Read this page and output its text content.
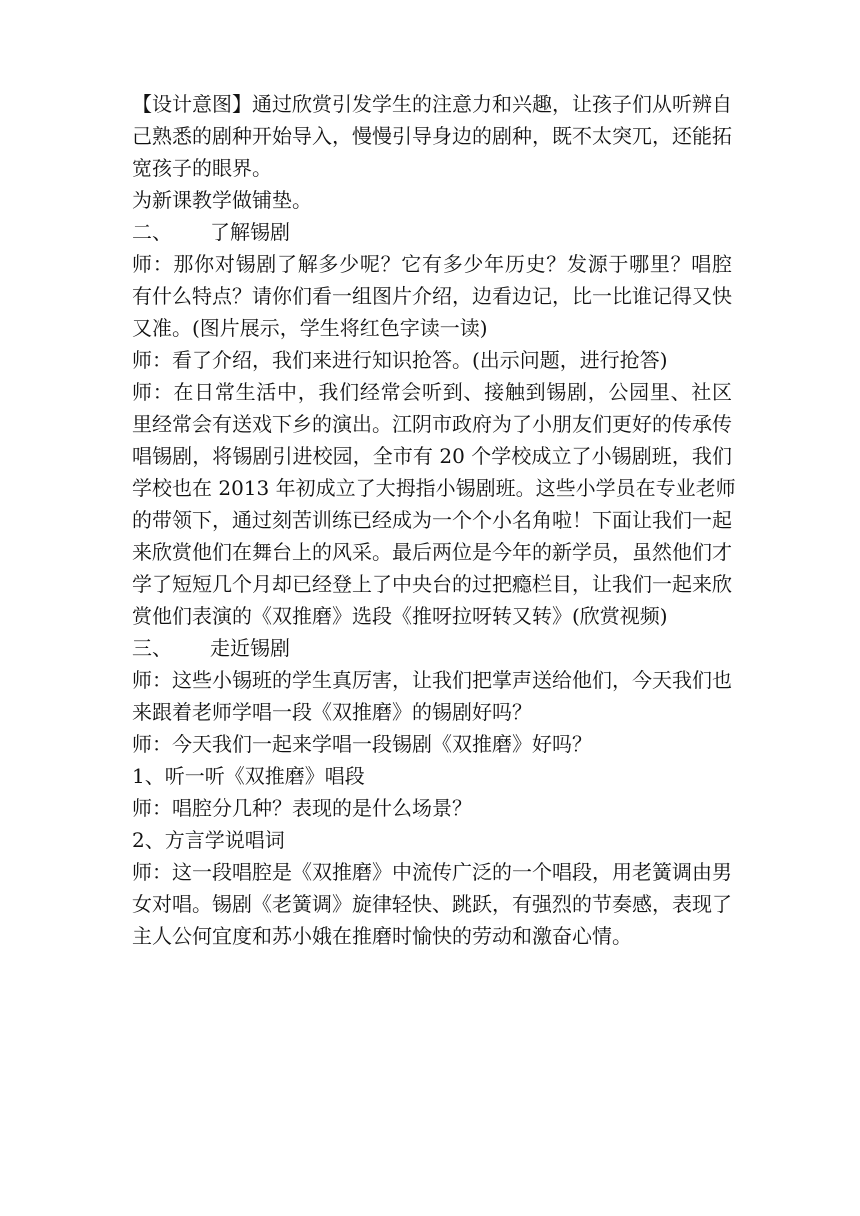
【设计意图】通过欣赏引发学生的注意力和兴趣，让孩子们从听辨自
己熟悉的剧种开始导入，慢慢引导身边的剧种，既不太突兀，还能拓
宽孩子的眼界。
为新课教学做铺垫。
二、 了解锡剧
师：那你对锡剧了解多少呢？它有多少年历史？发源于哪里？唱腔
有什么特点？请你们看一组图片介绍，边看边记，比一比谁记得又快
又准。(图片展示，学生将红色字读一读)
师：看了介绍，我们来进行知识抢答。(出示问题，进行抢答)
师：在日常生活中，我们经常会听到、接触到锡剧，公园里、社区
里经常会有送戏下乡的演出。江阴市政府为了小朋友们更好的传承传
唱锡剧，将锡剧引进校园，全市有 20 个学校成立了小锡剧班，我们
学校也在 2013 年初成立了大拇指小锡剧班。这些小学员在专业老师
的带领下，通过刻苦训练已经成为一个个小名角啦！下面让我们一起
来欣赏他们在舞台上的风采。最后两位是今年的新学员，虽然他们才
学了短短几个月却已经登上了中央台的过把瘾栏目，让我们一起来欣
赏他们表演的《双推磨》选段《推呀拉呀转又转》(欣赏视频)
三、 走近锡剧
师：这些小锡班的学生真厉害，让我们把掌声送给他们，今天我们也
来跟着老师学唱一段《双推磨》的锡剧好吗？
师：今天我们一起来学唱一段锡剧《双推磨》好吗？
1、听一听《双推磨》唱段
师：唱腔分几种？表现的是什么场景？
2、方言学说唱词
师：这一段唱腔是《双推磨》中流传广泛的一个唱段，用老簧调由男
女对唱。锡剧《老簧调》旋律轻快、跳跃，有强烈的节奏感，表现了
主人公何宜度和苏小娥在推磨时愉快的劳动和激奋心情。
